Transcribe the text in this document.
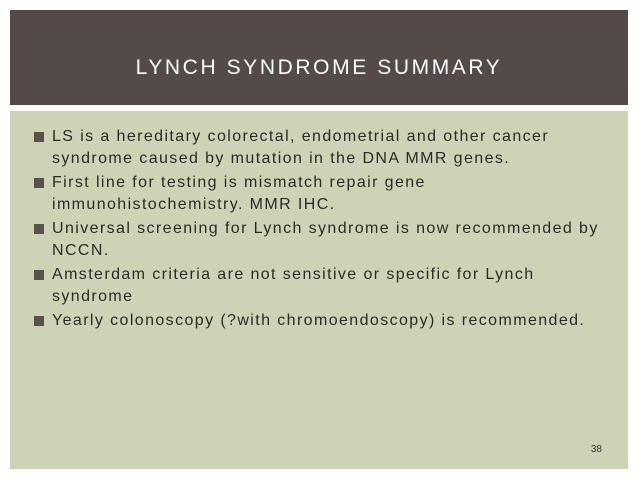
LYNCH SYNDROME SUMMARY
LS is a hereditary colorectal, endometrial and other cancer syndrome caused by mutation in the DNA MMR genes.
First line for testing is mismatch repair gene immunohistochemistry. MMR IHC.
Universal screening for Lynch syndrome is now recommended by NCCN.
Amsterdam criteria are not sensitive or specific for Lynch syndrome
Yearly colonoscopy (?with chromoendoscopy) is recommended.
38
